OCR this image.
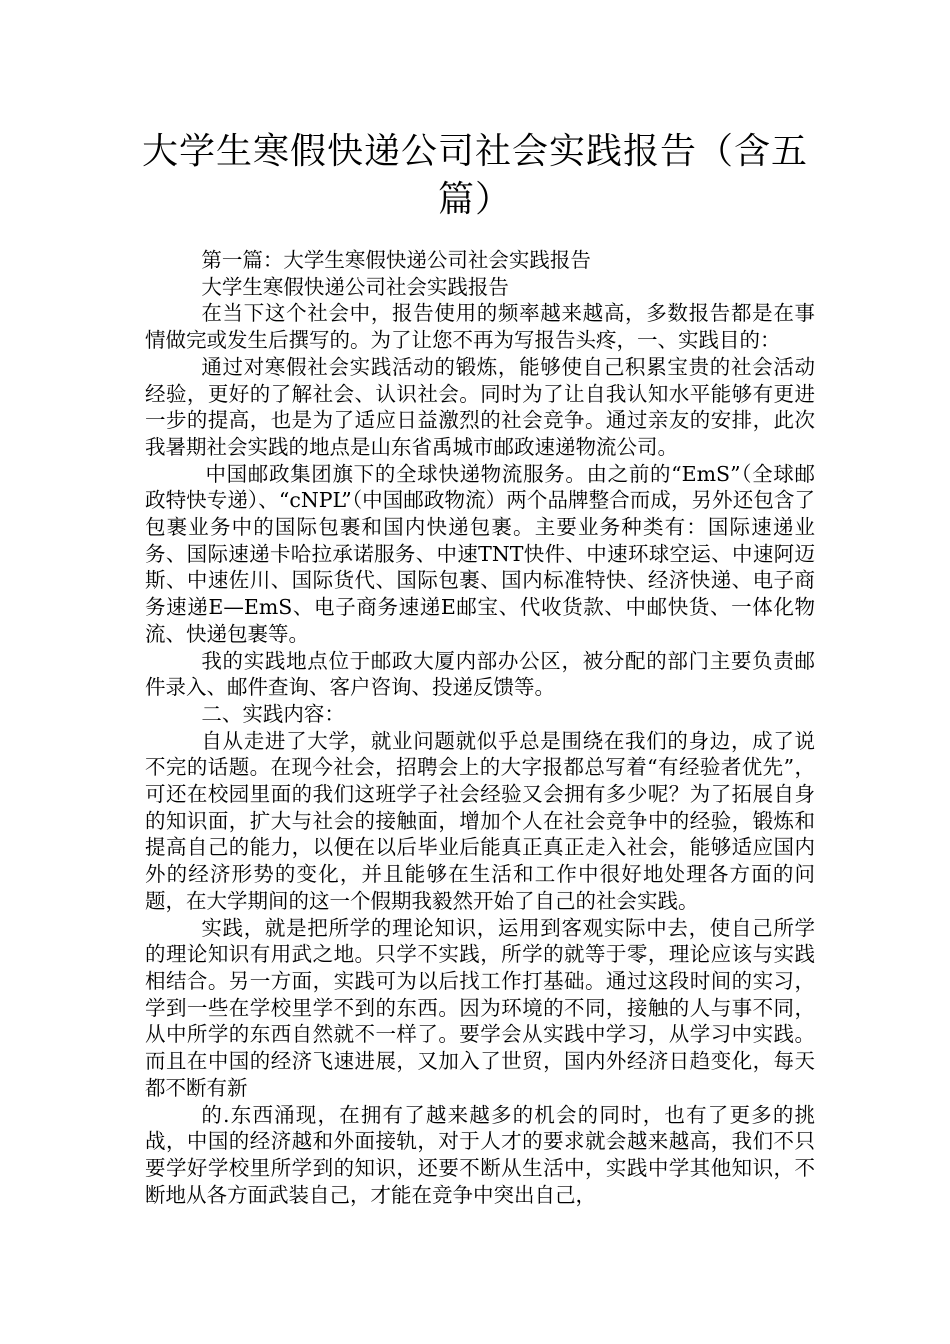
大学生寒假快递公司社会实践报告（含五篇）

第一篇：大学生寒假快递公司社会实践报告

大学生寒假快递公司社会实践报告

在当下这个社会中，报告使用的频率越来越高，多数报告都是在事情做完或发生后撰写的。为了让您不再为写报告头疼，一、实践目的：

通过对寒假社会实践活动的锻炼，能够使自己积累宝贵的社会活动经验，更好的了解社会、认识社会。同时为了让自我认知水平能够有更进一步的提高，也是为了适应日益激烈的社会竞争。通过亲友的安排，此次我暑期社会实践的地点是山东省禹城市邮政速递物流公司。

中国邮政集团旗下的全球快递物流服务。由之前的“EmS”（全球邮政特快专递）、“cNPL”（中国邮政物流）两个品牌整合而成，另外还包含了包裹业务中的国际包裹和国内快递包裹。主要业务种类有：国际速递业务、国际速递卡哈拉承诺服务、中速TNT快件、中速环球空运、中速阿迈斯、中速佐川、国际货代、国际包裹、国内标准特快、经济快递、电子商务速递E—EmS、电子商务速递E邮宝、代收货款、中邮快货、一体化物流、快递包裹等。

我的实践地点位于邮政大厦内部办公区，被分配的部门主要负责邮件录入、邮件查询、客户咨询、投递反馈等。

二、实践内容：

自从走进了大学，就业问题就似乎总是围绕在我们的身边，成了说不完的话题。在现今社会，招聘会上的大字报都总写着“有经验者优先”，可还在校园里面的我们这班学子社会经验又会拥有多少呢？为了拓展自身的知识面，扩大与社会的接触面，增加个人在社会竞争中的经验，锻炼和提高自己的能力，以便在以后毕业后能真正真正走入社会，能够适应国内外的经济形势的变化，并且能够在生活和工作中很好地处理各方面的问题，在大学期间的这一个假期我毅然开始了自己的社会实践。

实践，就是把所学的理论知识，运用到客观实际中去，使自己所学的理论知识有用武之地。只学不实践，所学的就等于零，理论应该与实践相结合。另一方面，实践可为以后找工作打基础。通过这段时间的实习，学到一些在学校里学不到的东西。因为环境的不同，接触的人与事不同，从中所学的东西自然就不一样了。要学会从实践中学习，从学习中实践。而且在中国的经济飞速进展，又加入了世贸，国内外经济日趋变化，每天都不断有新

的.东西涌现，在拥有了越来越多的机会的同时，也有了更多的挑战，中国的经济越和外面接轨，对于人才的要求就会越来越高，我们不只要学好学校里所学到的知识，还要不断从生活中，实践中学其他知识，不断地从各方面武装自己，才能在竞争中突出自己，
